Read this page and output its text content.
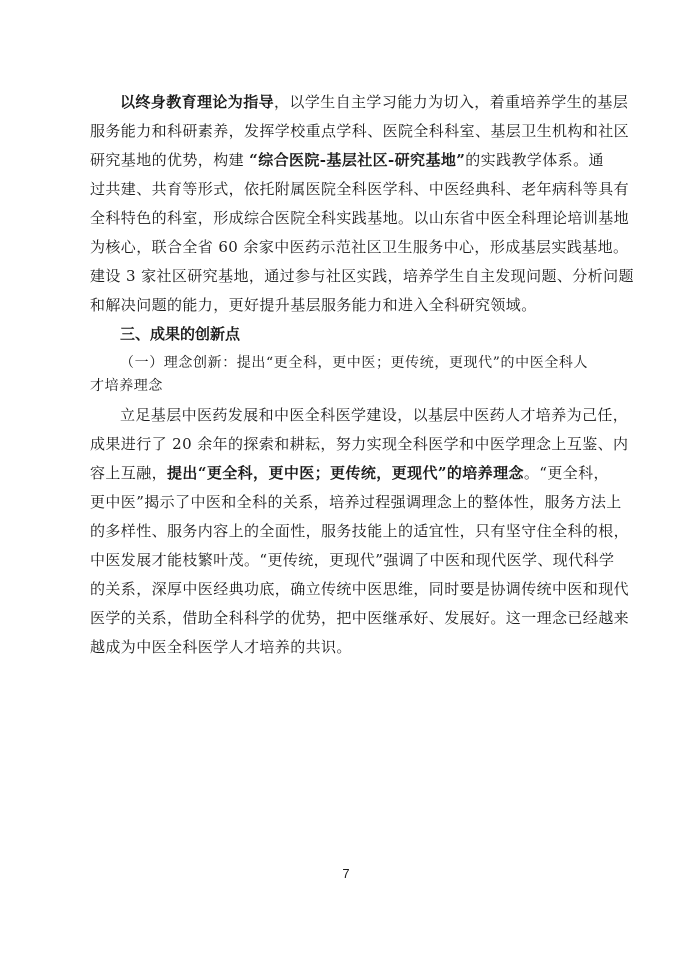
以终身教育理论为指导，以学生自主学习能力为切入，着重培养学生的基层
服务能力和科研素养，发挥学校重点学科、医院全科科室、基层卫生机构和社区
研究基地的优势，构建 “综合医院-基层社区-研究基地”的实践教学体系。通
过共建、共育等形式，依托附属医院全科医学科、中医经典科、老年病科等具有
全科特色的科室，形成综合医院全科实践基地。以山东省中医全科理论培训基地
为核心，联合全省 60 余家中医药示范社区卫生服务中心，形成基层实践基地。
建设 3 家社区研究基地，通过参与社区实践，培养学生自主发现问题、分析问题
和解决问题的能力，更好提升基层服务能力和进入全科研究领域。
三、成果的创新点
（一）理念创新：提出“更全科，更中医；更传统，更现代”的中医全科人
才培养理念
立足基层中医药发展和中医全科医学建设，以基层中医药人才培养为己任，
成果进行了 20 余年的探索和耕耘，努力实现全科医学和中医学理念上互鉴、内
容上互融，提出“更全科，更中医；更传统，更现代”的培养理念。“更全科，
更中医”揭示了中医和全科的关系，培养过程强调理念上的整体性，服务方法上
的多样性、服务内容上的全面性，服务技能上的适宜性，只有坚守住全科的根，
中医发展才能枝繁叶茂。“更传统，更现代”强调了中医和现代医学、现代科学
的关系，深厚中医经典功底，确立传统中医思维，同时要是协调传统中医和现代
医学的关系，借助全科科学的优势，把中医继承好、发展好。这一理念已经越来
越成为中医全科医学人才培养的共识。
7
